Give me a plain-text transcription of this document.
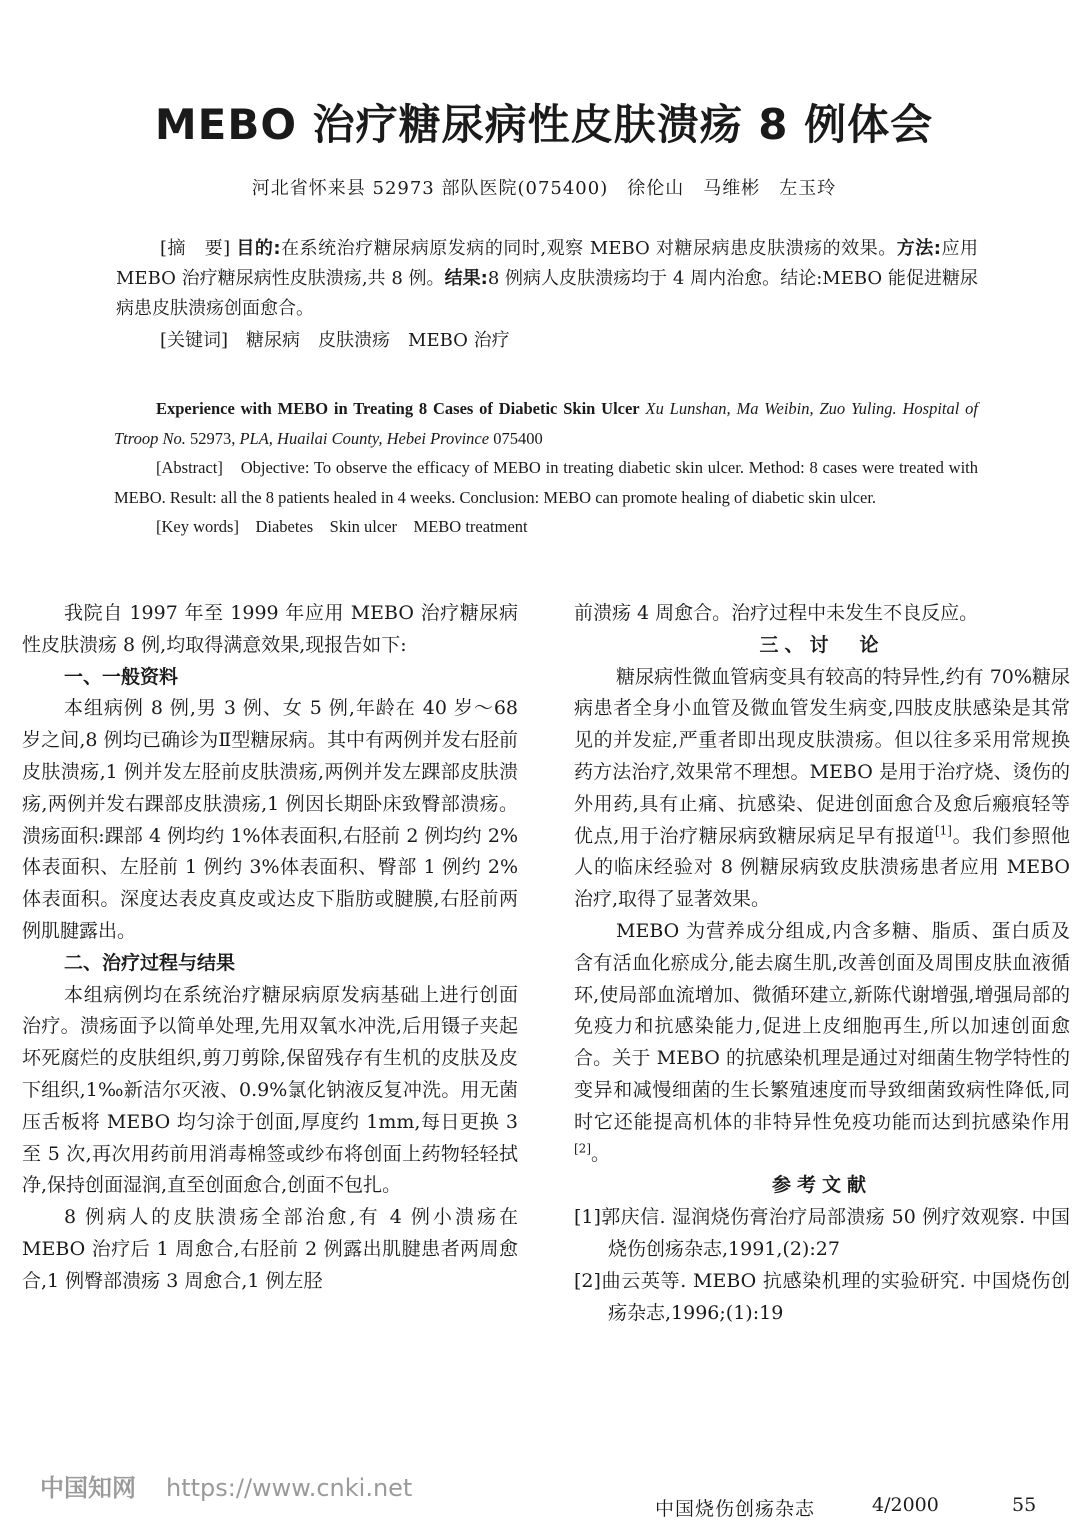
MEBO 治疗糖尿病性皮肤溃疡 8 例体会
河北省怀来县 52973 部队医院(075400)　徐伦山　马维彬　左玉玲

[摘　要] 目的:在系统治疗糖尿病原发病的同时,观察 MEBO 对糖尿病患皮肤溃疡的效果。方法:应用 MEBO 治疗糖尿病性皮肤溃疡,共 8 例。结果:8 例病人皮肤溃疡均于 4 周内治愈。结论:MEBO 能促进糖尿病患皮肤溃疡创面愈合。

[关键词]　 糖尿病　皮肤溃疡　MEBO 治疗

Experience with MEBO in Treating 8 Cases of Diabetic Skin Ulcer Xu Lunshan, Ma Weibin, Zuo Yuling. Hospital of Ttroop No. 52973, PLA, Huailai County, Hebei Province 075400

[Abstract]　 Objective: To observe the efficacy of MEBO in treating diabetic skin ulcer. Method: 8 cases were treated with MEBO. Result: all the 8 patients healed in 4 weeks. Conclusion: MEBO can promote healing of diabetic skin ulcer.

[Key words]　 Diabetes　Skin ulcer　MEBO treatment

我院自 1997 年至 1999 年应用 MEBO 治疗糖尿病性皮肤溃疡 8 例,均取得满意效果,现报告如下:

一、一般资料

本组病例 8 例,男 3 例、女 5 例,年龄在 40 岁～68 岁之间,8 例均已确诊为Ⅱ型糖尿病。其中有两例并发右胫前皮肤溃疡,1 例并发左胫前皮肤溃疡,两例并发左踝部皮肤溃疡,两例并发右踝部皮肤溃疡,1 例因长期卧床致臀部溃疡。溃疡面积:踝部 4 例均约 1%体表面积,右胫前 2 例均约 2%体表面积、左胫前 1 例约 3%体表面积、臀部 1 例约 2%体表面积。深度达表皮真皮或达皮下脂肪或腱膜,右胫前两例肌腱露出。

二、治疗过程与结果

本组病例均在系统治疗糖尿病原发病基础上进行创面治疗。溃疡面予以简单处理,先用双氧水冲洗,后用镊子夹起坏死腐烂的皮肤组织,剪刀剪除,保留残存有生机的皮肤及皮下组织,1‰新洁尔灭液、0.9%氯化钠液反复冲洗。用无菌压舌板将 MEBO 均匀涂于创面,厚度约 1mm,每日更换 3 至 5 次,再次用药前用消毒棉签或纱布将创面上药物轻轻拭净,保持创面湿润,直至创面愈合,创面不包扎。

8 例病人的皮肤溃疡全部治愈,有 4 例小溃疡在 MEBO 治疗后 1 周愈合,右胫前 2 例露出肌腱患者两周愈合,1 例臀部溃疡 3 周愈合,1 例左胫

前溃疡 4 周愈合。治疗过程中未发生不良反应。

三、讨　论

糖尿病性微血管病变具有较高的特异性,约有 70%糖尿病患者全身小血管及微血管发生病变,四肢皮肤感染是其常见的并发症,严重者即出现皮肤溃疡。但以往多采用常规换药方法治疗,效果常不理想。MEBO 是用于治疗烧、烫伤的外用药,具有止痛、抗感染、促进创面愈合及愈后瘢痕轻等优点,用于治疗糖尿病致糖尿病足早有报道[1]。我们参照他人的临床经验对 8 例糖尿病致皮肤溃疡患者应用 MEBO 治疗,取得了显著效果。

MEBO 为营养成分组成,内含多糖、脂质、蛋白质及含有活血化瘀成分,能去腐生肌,改善创面及周围皮肤血液循环,使局部血流增加、微循环建立,新陈代谢增强,增强局部的免疫力和抗感染能力,促进上皮细胞再生,所以加速创面愈合。关于 MEBO 的抗感染机理是通过对细菌生物学特性的变异和减慢细菌的生长繁殖速度而导致细菌致病性降低,同时它还能提高机体的非特异性免疫功能而达到抗感染作用[2]。

参考文献

[1]郭庆信. 湿润烧伤膏治疗局部溃疡 50 例疗效观察. 中国烧伤创疡杂志,1991,(2):27

[2]曲云英等. MEBO 抗感染机理的实验研究. 中国烧伤创疡杂志,1996;(1):19

中国知网 https://www.cnki.net
中国烧伤创疡杂志	4/2000	55
